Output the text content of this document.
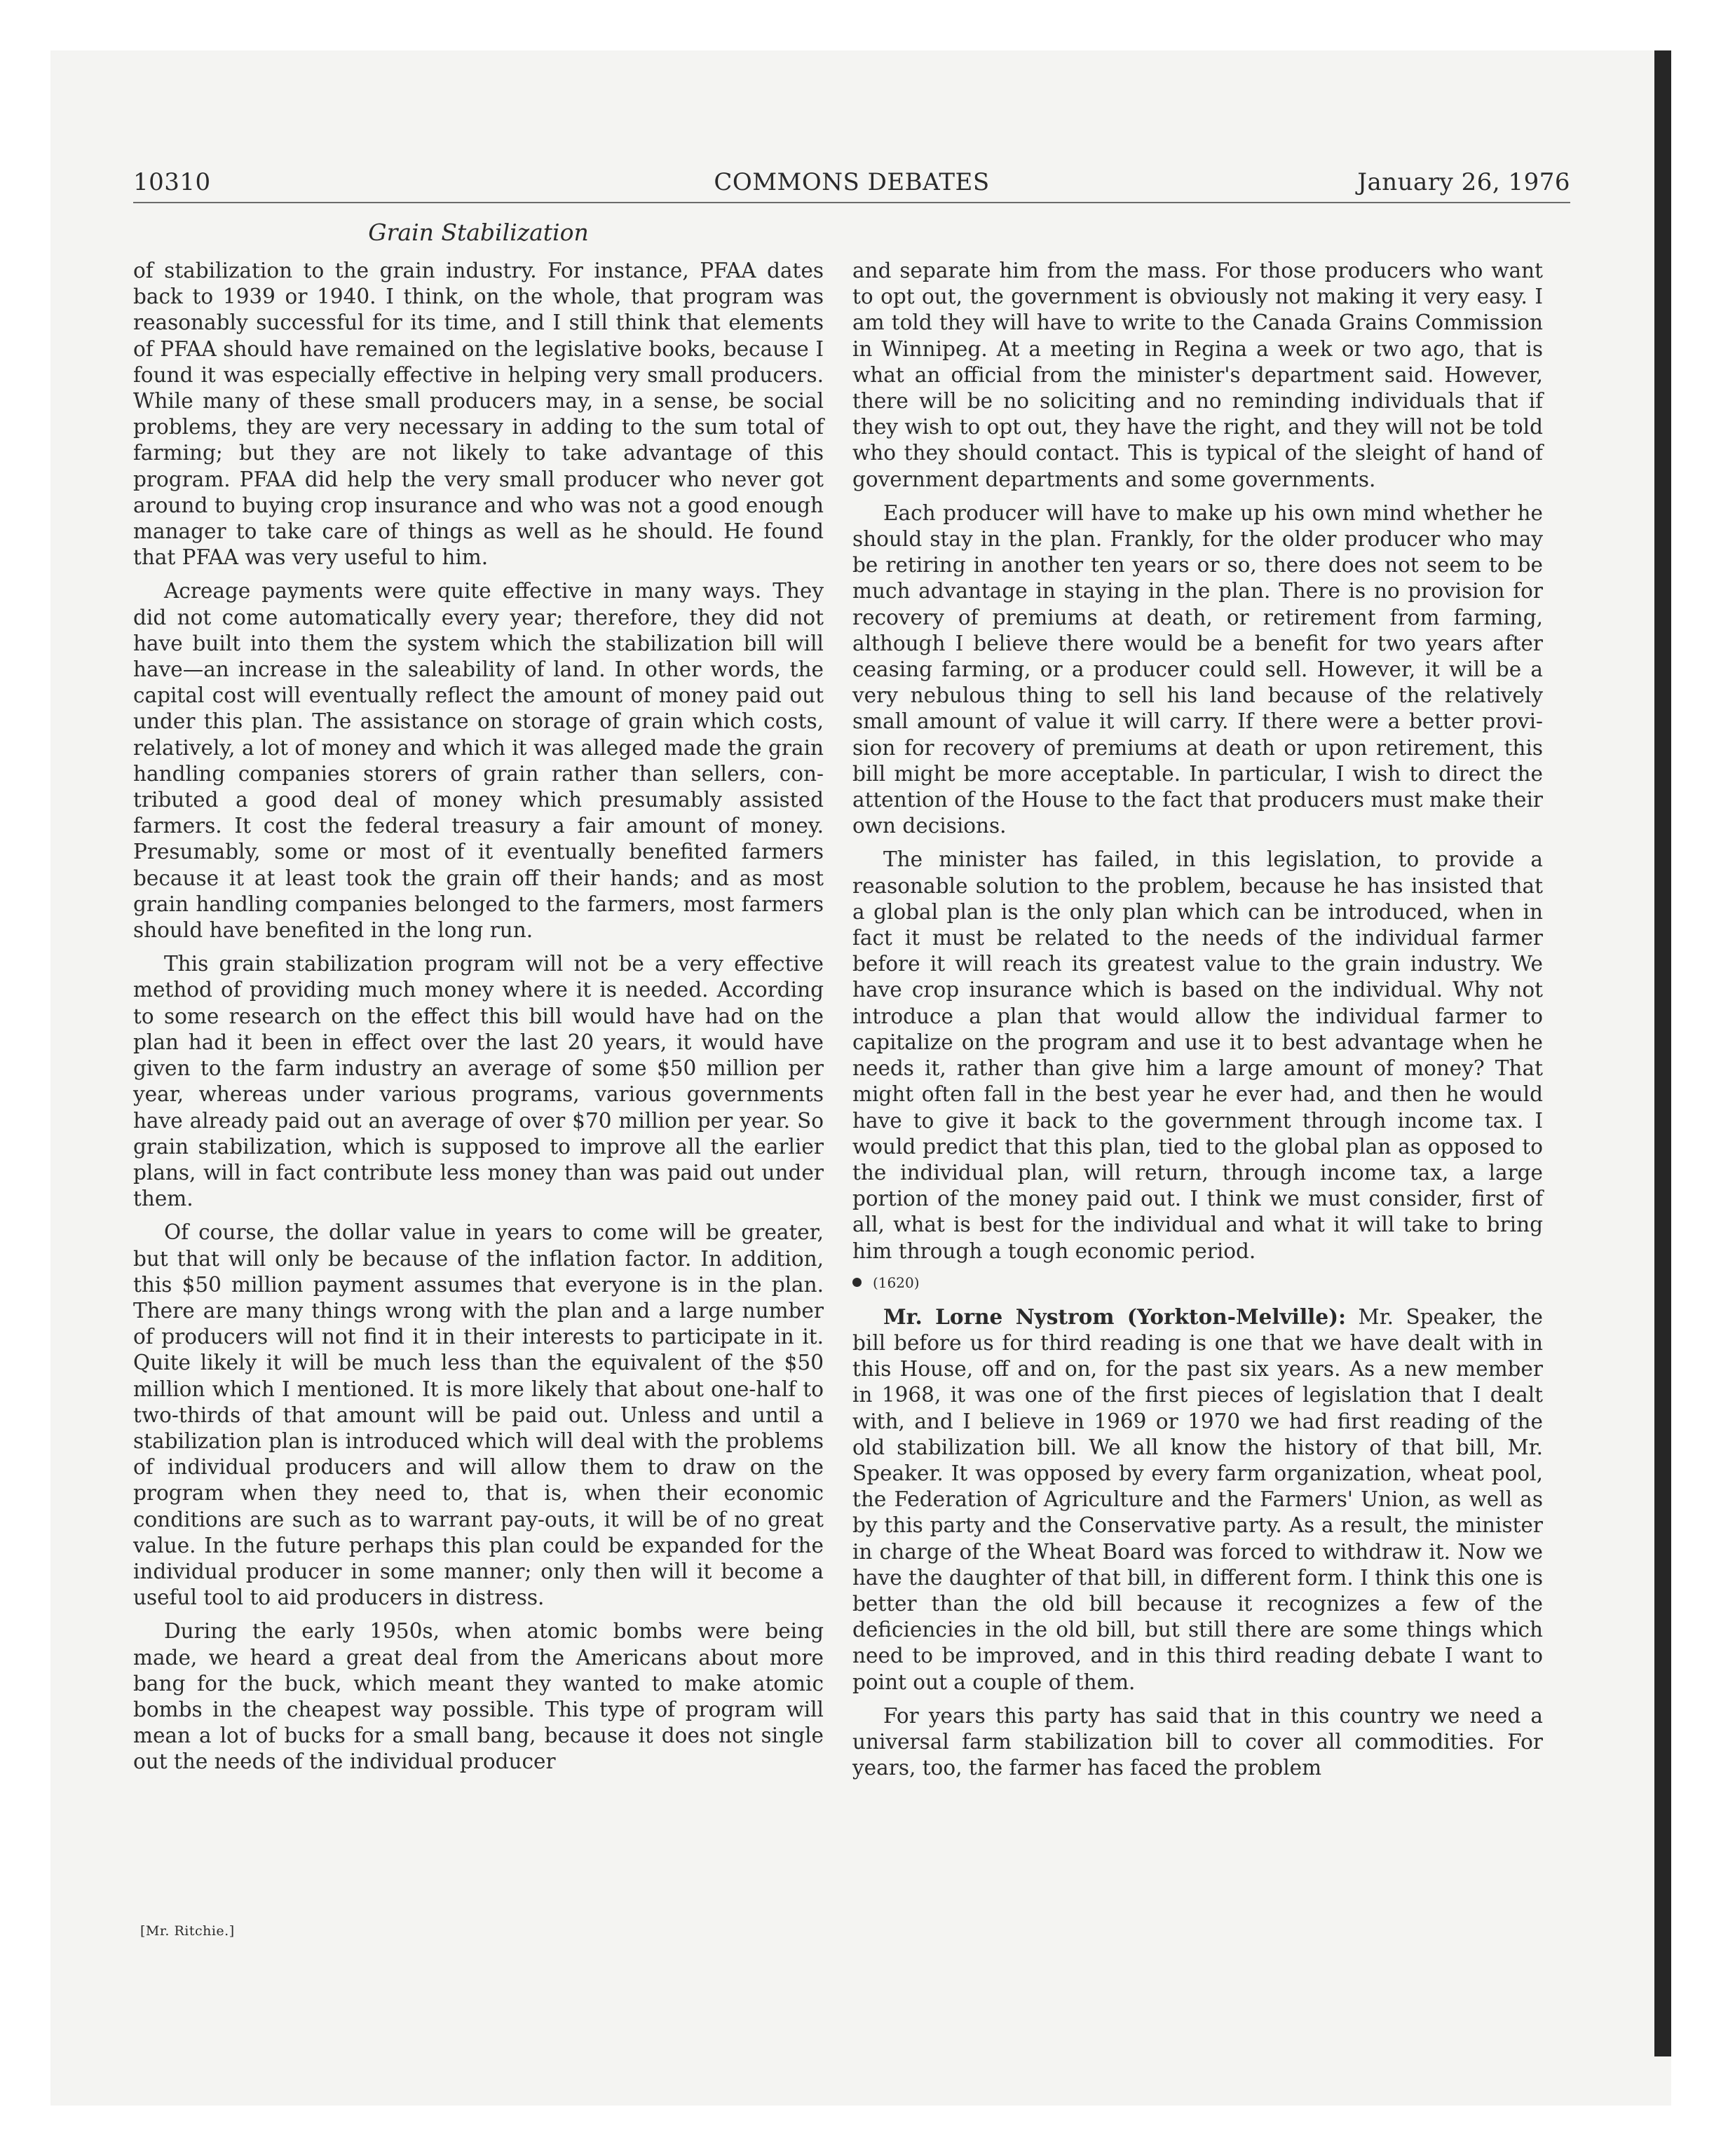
10310	COMMONS DEBATES	January 26, 1976
Grain Stabilization

of stabilization to the grain industry. For instance, PFAA dates back to 1939 or 1940. I think, on the whole, that program was reasonably successful for its time, and I still think that elements of PFAA should have remained on the legislative books, because I found it was especially effective in helping very small producers. While many of these small producers may, in a sense, be social problems, they are very necessary in adding to the sum total of farming; but they are not likely to take advantage of this program. PFAA did help the very small producer who never got around to buying crop insurance and who was not a good enough manager to take care of things as well as he should. He found that PFAA was very useful to him.

Acreage payments were quite effective in many ways. They did not come automatically every year; therefore, they did not have built into them the system which the stabilization bill will have—an increase in the saleability of land. In other words, the capital cost will eventually reflect the amount of money paid out under this plan. The assistance on storage of grain which costs, relatively, a lot of money and which it was alleged made the grain handling companies storers of grain rather than sellers, contributed a good deal of money which presumably assisted farmers. It cost the federal treasury a fair amount of money. Presumably, some or most of it eventually benefited farmers because it at least took the grain off their hands; and as most grain handling companies belonged to the farmers, most farmers should have benefited in the long run.

This grain stabilization program will not be a very effective method of providing much money where it is needed. According to some research on the effect this bill would have had on the plan had it been in effect over the last 20 years, it would have given to the farm industry an average of some $50 million per year, whereas under various programs, various governments have already paid out an average of over $70 million per year. So grain stabilization, which is supposed to improve all the earlier plans, will in fact contribute less money than was paid out under them.

Of course, the dollar value in years to come will be greater, but that will only be because of the inflation factor. In addition, this $50 million payment assumes that everyone is in the plan. There are many things wrong with the plan and a large number of producers will not find it in their interests to participate in it. Quite likely it will be much less than the equivalent of the $50 million which I mentioned. It is more likely that about one-half to two-thirds of that amount will be paid out. Unless and until a stabilization plan is introduced which will deal with the problems of individual producers and will allow them to draw on the program when they need to, that is, when their economic conditions are such as to warrant pay-outs, it will be of no great value. In the future perhaps this plan could be expanded for the individual producer in some manner; only then will it become a useful tool to aid producers in distress.

During the early 1950s, when atomic bombs were being made, we heard a great deal from the Americans about more bang for the buck, which meant they wanted to make atomic bombs in the cheapest way possible. This type of program will mean a lot of bucks for a small bang, because it does not single out the needs of the individual producer

[Mr. Ritchie.]

and separate him from the mass. For those producers who want to opt out, the government is obviously not making it very easy. I am told they will have to write to the Canada Grains Commission in Winnipeg. At a meeting in Regina a week or two ago, that is what an official from the minister's department said. However, there will be no soliciting and no reminding individuals that if they wish to opt out, they have the right, and they will not be told who they should contact. This is typical of the sleight of hand of government departments and some governments.

Each producer will have to make up his own mind whether he should stay in the plan. Frankly, for the older producer who may be retiring in another ten years or so, there does not seem to be much advantage in staying in the plan. There is no provision for recovery of premiums at death, or retirement from farming, although I believe there would be a benefit for two years after ceasing farming, or a producer could sell. However, it will be a very nebulous thing to sell his land because of the relatively small amount of value it will carry. If there were a better provision for recovery of premiums at death or upon retirement, this bill might be more acceptable. In particular, I wish to direct the attention of the House to the fact that producers must make their own decisions.

The minister has failed, in this legislation, to provide a reasonable solution to the problem, because he has insisted that a global plan is the only plan which can be introduced, when in fact it must be related to the needs of the individual farmer before it will reach its greatest value to the grain industry. We have crop insurance which is based on the individual. Why not introduce a plan that would allow the individual farmer to capitalize on the program and use it to best advantage when he needs it, rather than give him a large amount of money? That might often fall in the best year he ever had, and then he would have to give it back to the government through income tax. I would predict that this plan, tied to the global plan as opposed to the individual plan, will return, through income tax, a large portion of the money paid out. I think we must consider, first of all, what is best for the individual and what it will take to bring him through a tough economic period.

(1620)

Mr. Lorne Nystrom (Yorkton-Melville): Mr. Speaker, the bill before us for third reading is one that we have dealt with in this House, off and on, for the past six years. As a new member in 1968, it was one of the first pieces of legislation that I dealt with, and I believe in 1969 or 1970 we had first reading of the old stabilization bill. We all know the history of that bill, Mr. Speaker. It was opposed by every farm organization, wheat pool, the Federation of Agriculture and the Farmers' Union, as well as by this party and the Conservative party. As a result, the minister in charge of the Wheat Board was forced to withdraw it. Now we have the daughter of that bill, in different form. I think this one is better than the old bill because it recognizes a few of the deficiencies in the old bill, but still there are some things which need to be improved, and in this third reading debate I want to point out a couple of them.

For years this party has said that in this country we need a universal farm stabilization bill to cover all commodities. For years, too, the farmer has faced the problem
